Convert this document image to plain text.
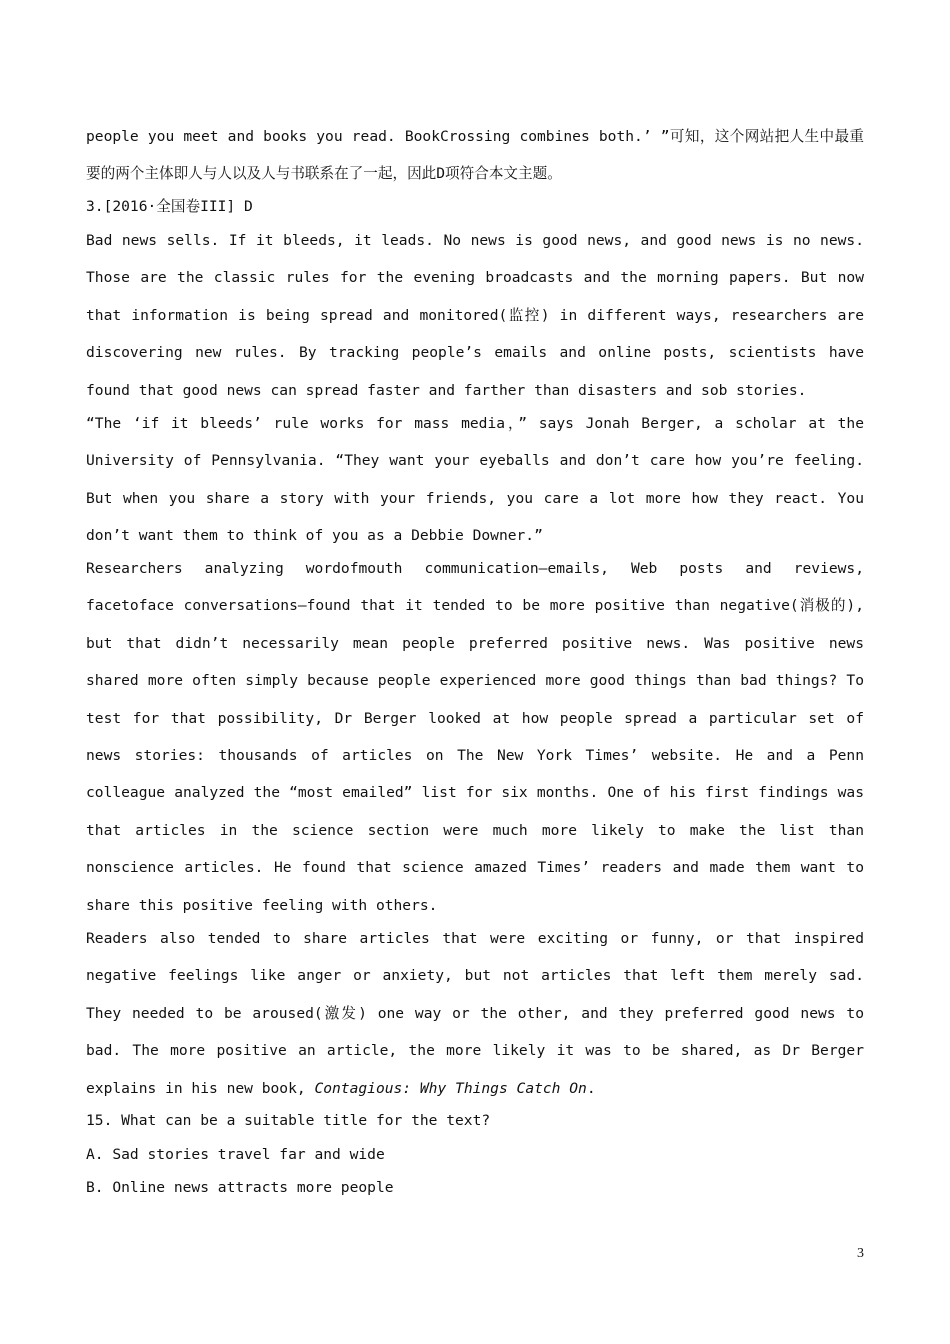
people you meet and books you read. BookCrossing combines both.’ ”可知，这个网站把人生中最重要的两个主体即人与人以及人与书联系在了一起，因此D项符合本文主题。

3.[2016·全国卷III] D

Bad news sells. If it bleeds, it leads. No news is good news, and good news is no news. Those are the classic rules for the evening broadcasts and the morning papers. But now that information is being spread and monitored(监控) in different ways, researchers are discovering new rules. By tracking people’s emails and online posts, scientists have found that good news can spread faster and farther than disasters and sob stories.

“The ‘if it bleeds’ rule works for mass media，” says Jonah Berger, a scholar at the University of Pennsylvania. “They want your eyeballs and don’t care how you’re feeling. But when you share a story with your friends, you care a lot more how they react. You don’t want them to think of you as a Debbie Downer.”

Researchers analyzing wordofmouth communication—emails, Web posts and reviews, facetoface conversations—found that it tended to be more positive than negative(消极的), but that didn’t necessarily mean people preferred positive news. Was positive news shared more often simply because people experienced more good things than bad things? To test for that possibility, Dr Berger looked at how people spread a particular set of news stories: thousands of articles on The New York Times’ website. He and a Penn colleague analyzed the “most emailed” list for six months. One of his first findings was that articles in the science section were much more likely to make the list than nonscience articles. He found that science amazed Times’ readers and made them want to share this positive feeling with others.

Readers also tended to share articles that were exciting or funny, or that inspired negative feelings like anger or anxiety, but not articles that left them merely sad. They needed to be aroused(激发) one way or the other, and they preferred good news to bad. The more positive an article, the more likely it was to be shared, as Dr Berger explains in his new book, Contagious: Why Things Catch On.

15. What can be a suitable title for the text?

A. Sad stories travel far and wide

B. Online news attracts more people

3
